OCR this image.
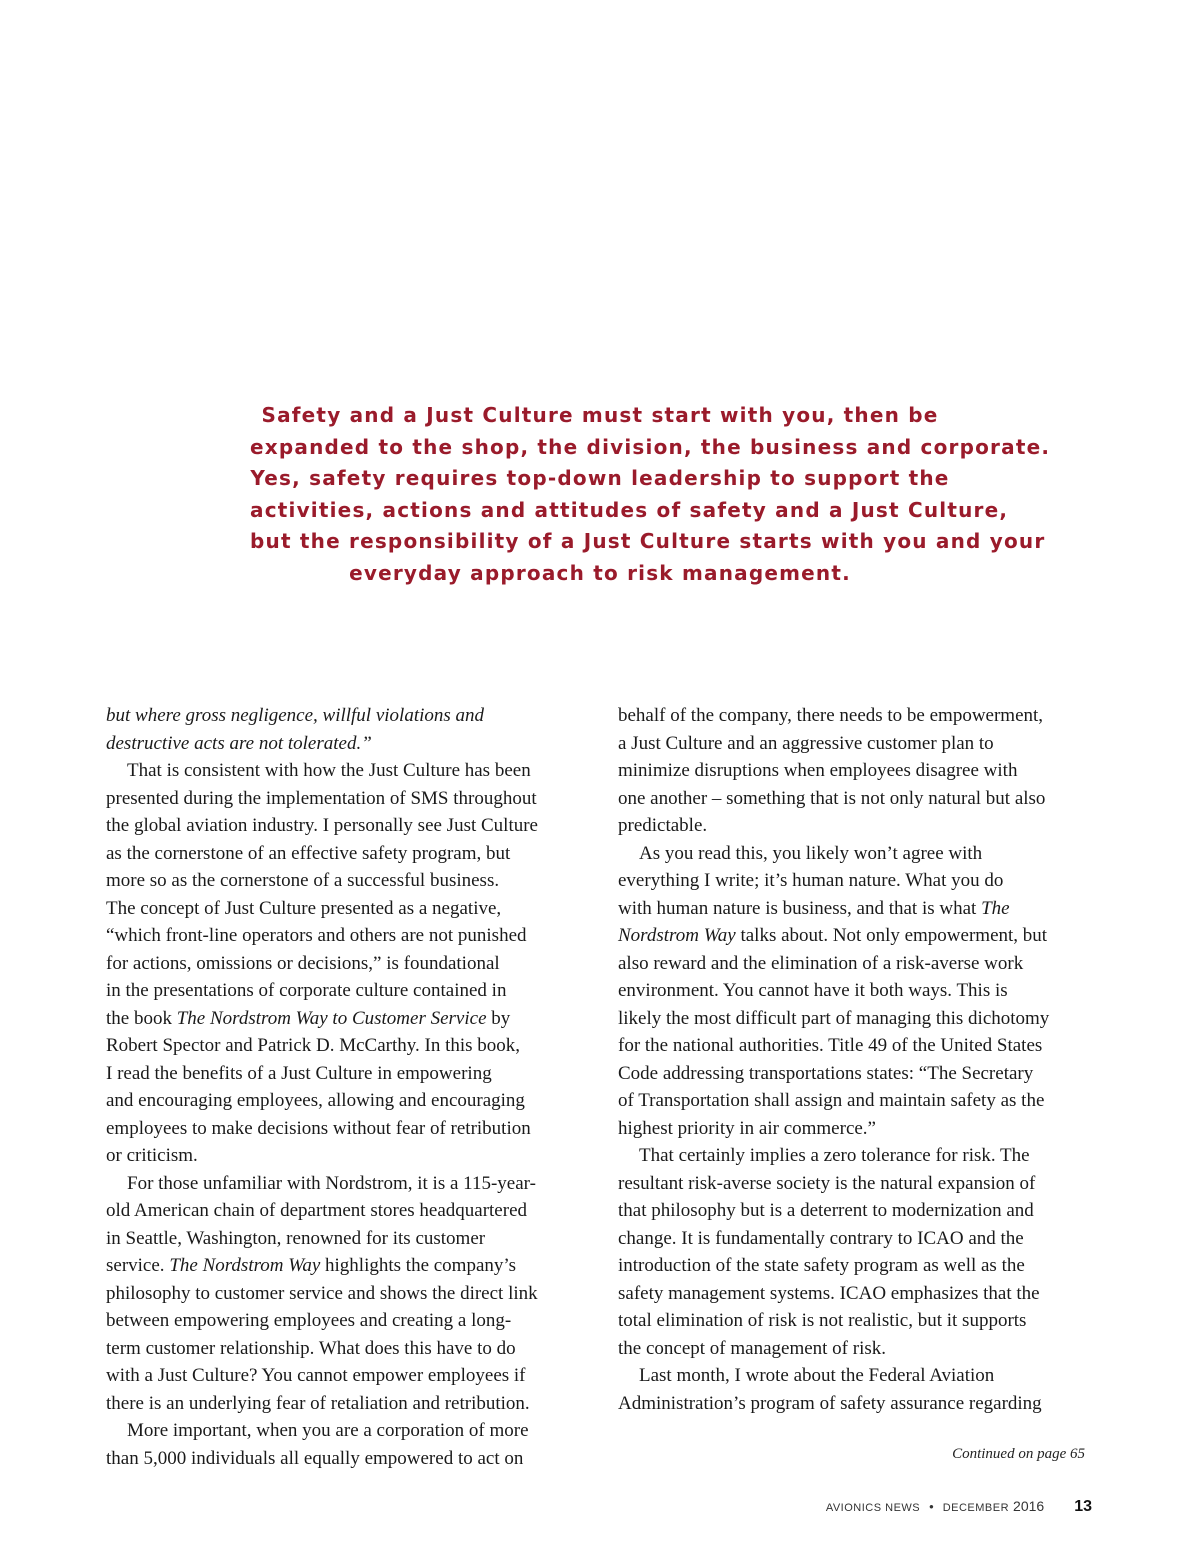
Safety and a Just Culture must start with you, then be
expanded to the shop, the division, the business and corporate.
Yes, safety requires top-down leadership to support the
activities, actions and attitudes of safety and a Just Culture,
but the responsibility of a Just Culture starts with you and your
everyday approach to risk management.
but where gross negligence, willful violations and
destructive acts are not tolerated.”
That is consistent with how the Just Culture has been
presented during the implementation of SMS throughout
the global aviation industry. I personally see Just Culture
as the cornerstone of an effective safety program, but
more so as the cornerstone of a successful business.
The concept of Just Culture presented as a negative,
“which front-line operators and others are not punished
for actions, omissions or decisions,” is foundational
in the presentations of corporate culture contained in
the book The Nordstrom Way to Customer Service by
Robert Spector and Patrick D. McCarthy. In this book,
I read the benefits of a Just Culture in empowering
and encouraging employees, allowing and encouraging
employees to make decisions without fear of retribution
or criticism.
For those unfamiliar with Nordstrom, it is a 115-year-
old American chain of department stores headquartered
in Seattle, Washington, renowned for its customer
service. The Nordstrom Way highlights the company’s
philosophy to customer service and shows the direct link
between empowering employees and creating a long-
term customer relationship. What does this have to do
with a Just Culture? You cannot empower employees if
there is an underlying fear of retaliation and retribution.
More important, when you are a corporation of more
than 5,000 individuals all equally empowered to act on
behalf of the company, there needs to be empowerment,
a Just Culture and an aggressive customer plan to
minimize disruptions when employees disagree with
one another – something that is not only natural but also
predictable.
As you read this, you likely won’t agree with
everything I write; it’s human nature. What you do
with human nature is business, and that is what The
Nordstrom Way talks about. Not only empowerment, but
also reward and the elimination of a risk-averse work
environment. You cannot have it both ways. This is
likely the most difficult part of managing this dichotomy
for the national authorities. Title 49 of the United States
Code addressing transportations states: “The Secretary
of Transportation shall assign and maintain safety as the
highest priority in air commerce.”
That certainly implies a zero tolerance for risk. The
resultant risk-averse society is the natural expansion of
that philosophy but is a deterrent to modernization and
change. It is fundamentally contrary to ICAO and the
introduction of the state safety program as well as the
safety management systems. ICAO emphasizes that the
total elimination of risk is not realistic, but it supports
the concept of management of risk.
Last month, I wrote about the Federal Aviation
Administration’s program of safety assurance regarding
Continued on page 65
AVIONICS NEWS • DECEMBER 2016 13
